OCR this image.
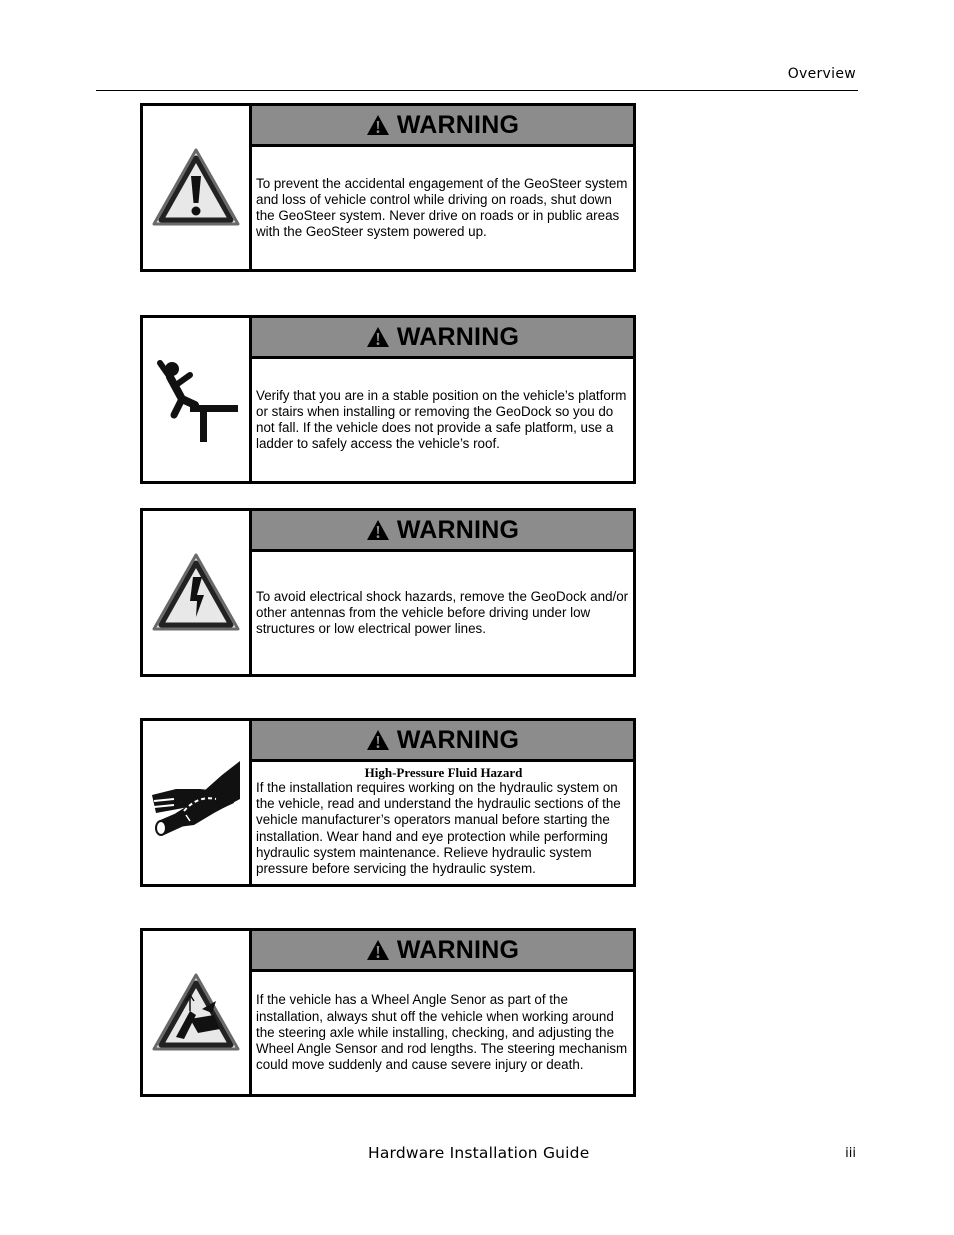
Overview
WARNING
To prevent the accidental engagement of the GeoSteer system and loss of vehicle control while driving on roads, shut down the GeoSteer system. Never drive on roads or in public areas with the GeoSteer system powered up.
WARNING
Verify that you are in a stable position on the vehicle’s platform or stairs when installing or removing the GeoDock so you do not fall. If the vehicle does not provide a safe platform, use a ladder to safely access the vehicle’s roof.
WARNING
To avoid electrical shock hazards, remove the GeoDock and/or other antennas from the vehicle before driving under low structures or low electrical power lines.
WARNING
High-Pressure Fluid Hazard
If the installation requires working on the hydraulic system on the vehicle, read and understand the hydraulic sections of the vehicle manufacturer’s operators manual before starting the installation. Wear hand and eye protection while performing hydraulic system maintenance. Relieve hydraulic system pressure before servicing the hydraulic system.
WARNING
If the vehicle has a Wheel Angle Senor as part of the installation, always shut off the vehicle when working around the steering axle while installing, checking, and adjusting the Wheel Angle Sensor and rod lengths. The steering mechanism could move suddenly and cause severe injury or death.
Hardware Installation Guide	iii
